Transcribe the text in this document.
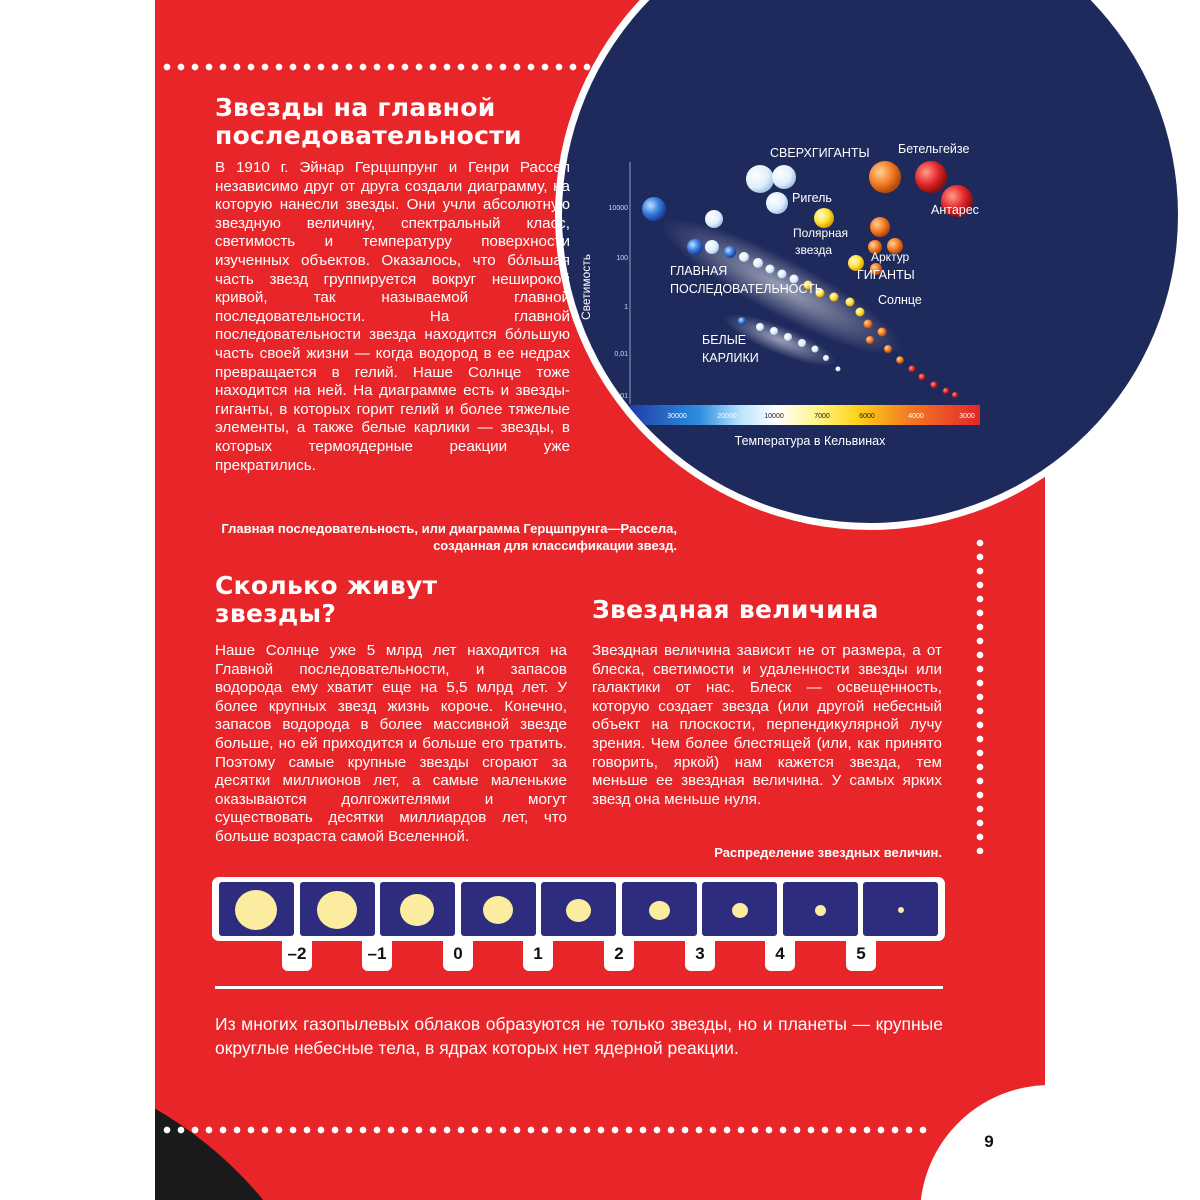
Светимость
10000
100
1
0,01
0,0001
30000	20000	10000	7000	6000	4000	3000
Температура в Кельвинах
СВЕРХГИГАНТЫ Бетельгейзе
Ригель
Антарес
Полярная
звезда	Арктур
ГИГАНТЫ
ГЛАВНАЯ
ПОСЛЕДОВАТЕЛЬНОСТЬ
Солнце
БЕЛЫЕ
КАРЛИКИ
Звезды на главной последовательности

В 1910 г. Эйнар Герцшпрунг и Генри Рассел независимо друг от друга создали диаграмму, на которую нанесли звезды. Они учли абсолютную звездную величину, спектральный класс, светимость и температуру поверхности изученных объектов. Оказалось, что бо́льшая часть звезд группируется вокруг неширокой кривой, так называемой главной последовательности. На главной последовательности звезда находится бо́льшую часть своей жизни — когда водород в ее недрах превращается в гелий. Наше Солнце тоже находится на ней. На диаграмме есть и звезды-гиганты, в которых горит гелий и более тяжелые элементы, а также белые карлики — звезды, в которых термоядерные реакции уже прекратились.

Главная последовательность, или диаграмма Герцшпрунга—Рассела, созданная для классификации звезд.

Сколько живут звезды?

Наше Солнце уже 5 млрд лет находится на Главной последовательности, и запасов водорода ему хватит еще на 5,5 млрд лет. У более крупных звезд жизнь короче. Конечно, запасов водорода в более массивной звезде больше, но ей приходится и больше его тратить. Поэтому самые крупные звезды сгорают за десятки миллионов лет, а самые маленькие оказываются долгожителями и могут существовать десятки миллиардов лет, что больше возраста самой Вселенной.

Звездная величина

Звездная величина зависит не от размера, а от блеска, светимости и удаленности звезды или галактики от нас. Блеск — освещенность, которую создает звезда (или другой небесный объект на плоскости, перпендикулярной лучу зрения. Чем более блестящей (или, как принято говорить, яркой) нам кажется звезда, тем меньше ее звездная величина. У самых ярких звезд она меньше нуля.

Распределение звездных величин.

–2	–1	0	1	2	3	4	5

Из многих газопылевых облаков образуются не только звезды, но и планеты — крупные округлые небесные тела, в ядрах которых нет ядерной реакции.

9
